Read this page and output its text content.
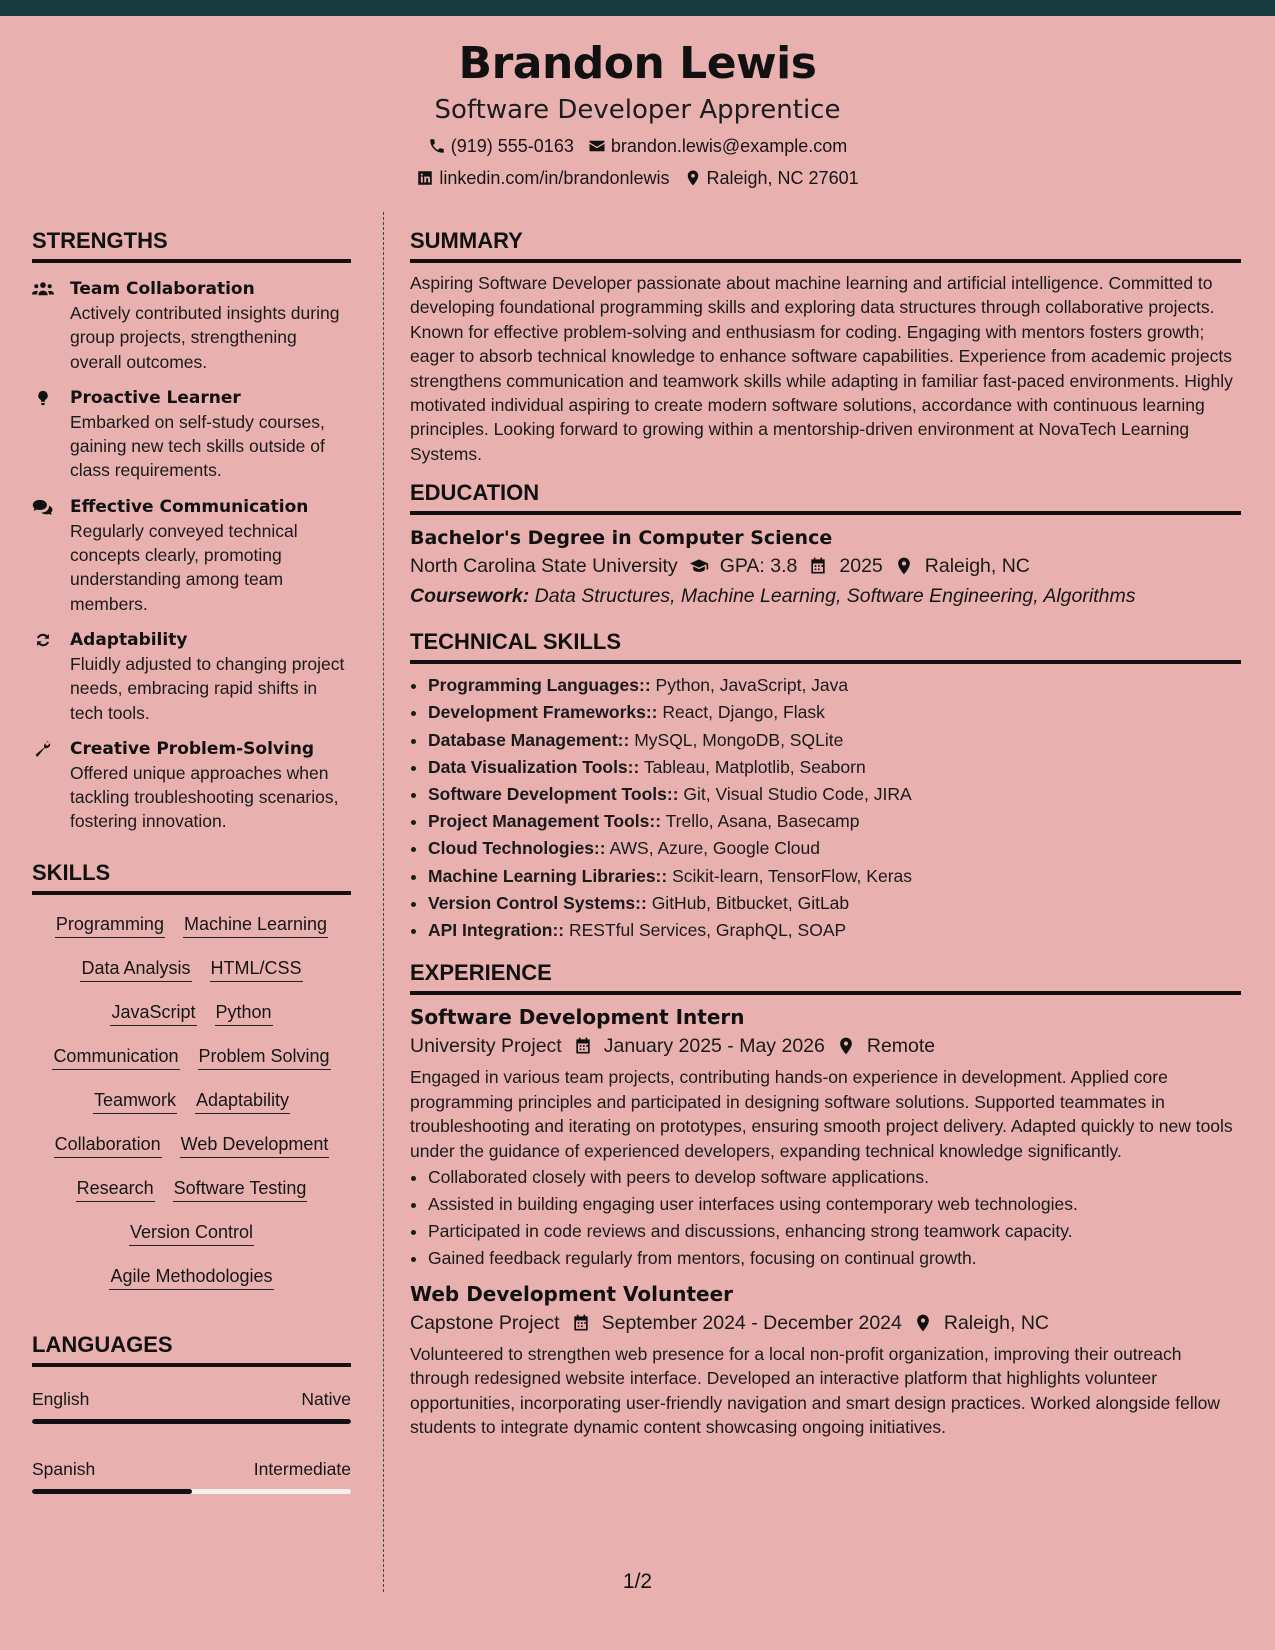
Brandon Lewis
Software Developer Apprentice
(919) 555-0163 brandon.lewis@example.com
linkedin.com/in/brandonlewis Raleigh, NC 27601
STRENGTHS
Team Collaboration
Actively contributed insights during group projects, strengthening overall outcomes.
Proactive Learner
Embarked on self-study courses, gaining new tech skills outside of class requirements.
Effective Communication
Regularly conveyed technical concepts clearly, promoting understanding among team members.
Adaptability
Fluidly adjusted to changing project needs, embracing rapid shifts in tech tools.
Creative Problem-Solving
Offered unique approaches when tackling troubleshooting scenarios, fostering innovation.
SKILLS
Programming Machine Learning
Data Analysis HTML/CSS
JavaScript Python
Communication Problem Solving
Teamwork Adaptability
Collaboration Web Development
Research Software Testing
Version Control
Agile Methodologies
LANGUAGES
English	Native
Spanish	Intermediate
SUMMARY
Aspiring Software Developer passionate about machine learning and artificial intelligence. Committed to developing foundational programming skills and exploring data structures through collaborative projects. Known for effective problem-solving and enthusiasm for coding. Engaging with mentors fosters growth; eager to absorb technical knowledge to enhance software capabilities. Experience from academic projects strengthens communication and teamwork skills while adapting in familiar fast-paced environments. Highly motivated individual aspiring to create modern software solutions, accordance with continuous learning principles. Looking forward to growing within a mentorship-driven environment at NovaTech Learning Systems.
EDUCATION
Bachelor's Degree in Computer Science
North Carolina State University GPA: 3.8 2025 Raleigh, NC
Coursework: Data Structures, Machine Learning, Software Engineering, Algorithms
TECHNICAL SKILLS
• Programming Languages:: Python, JavaScript, Java
• Development Frameworks:: React, Django, Flask
• Database Management:: MySQL, MongoDB, SQLite
• Data Visualization Tools:: Tableau, Matplotlib, Seaborn
• Software Development Tools:: Git, Visual Studio Code, JIRA
• Project Management Tools:: Trello, Asana, Basecamp
• Cloud Technologies:: AWS, Azure, Google Cloud
• Machine Learning Libraries:: Scikit-learn, TensorFlow, Keras
• Version Control Systems:: GitHub, Bitbucket, GitLab
• API Integration:: RESTful Services, GraphQL, SOAP
EXPERIENCE
Software Development Intern
University Project January 2025 - May 2026 Remote
Engaged in various team projects, contributing hands-on experience in development. Applied core programming principles and participated in designing software solutions. Supported teammates in troubleshooting and iterating on prototypes, ensuring smooth project delivery. Adapted quickly to new tools under the guidance of experienced developers, expanding technical knowledge significantly.
• Collaborated closely with peers to develop software applications.
• Assisted in building engaging user interfaces using contemporary web technologies.
• Participated in code reviews and discussions, enhancing strong teamwork capacity.
• Gained feedback regularly from mentors, focusing on continual growth.
Web Development Volunteer
Capstone Project September 2024 - December 2024 Raleigh, NC
Volunteered to strengthen web presence for a local non-profit organization, improving their outreach through redesigned website interface. Developed an interactive platform that highlights volunteer opportunities, incorporating user-friendly navigation and smart design practices. Worked alongside fellow students to integrate dynamic content showcasing ongoing initiatives.
1/2
